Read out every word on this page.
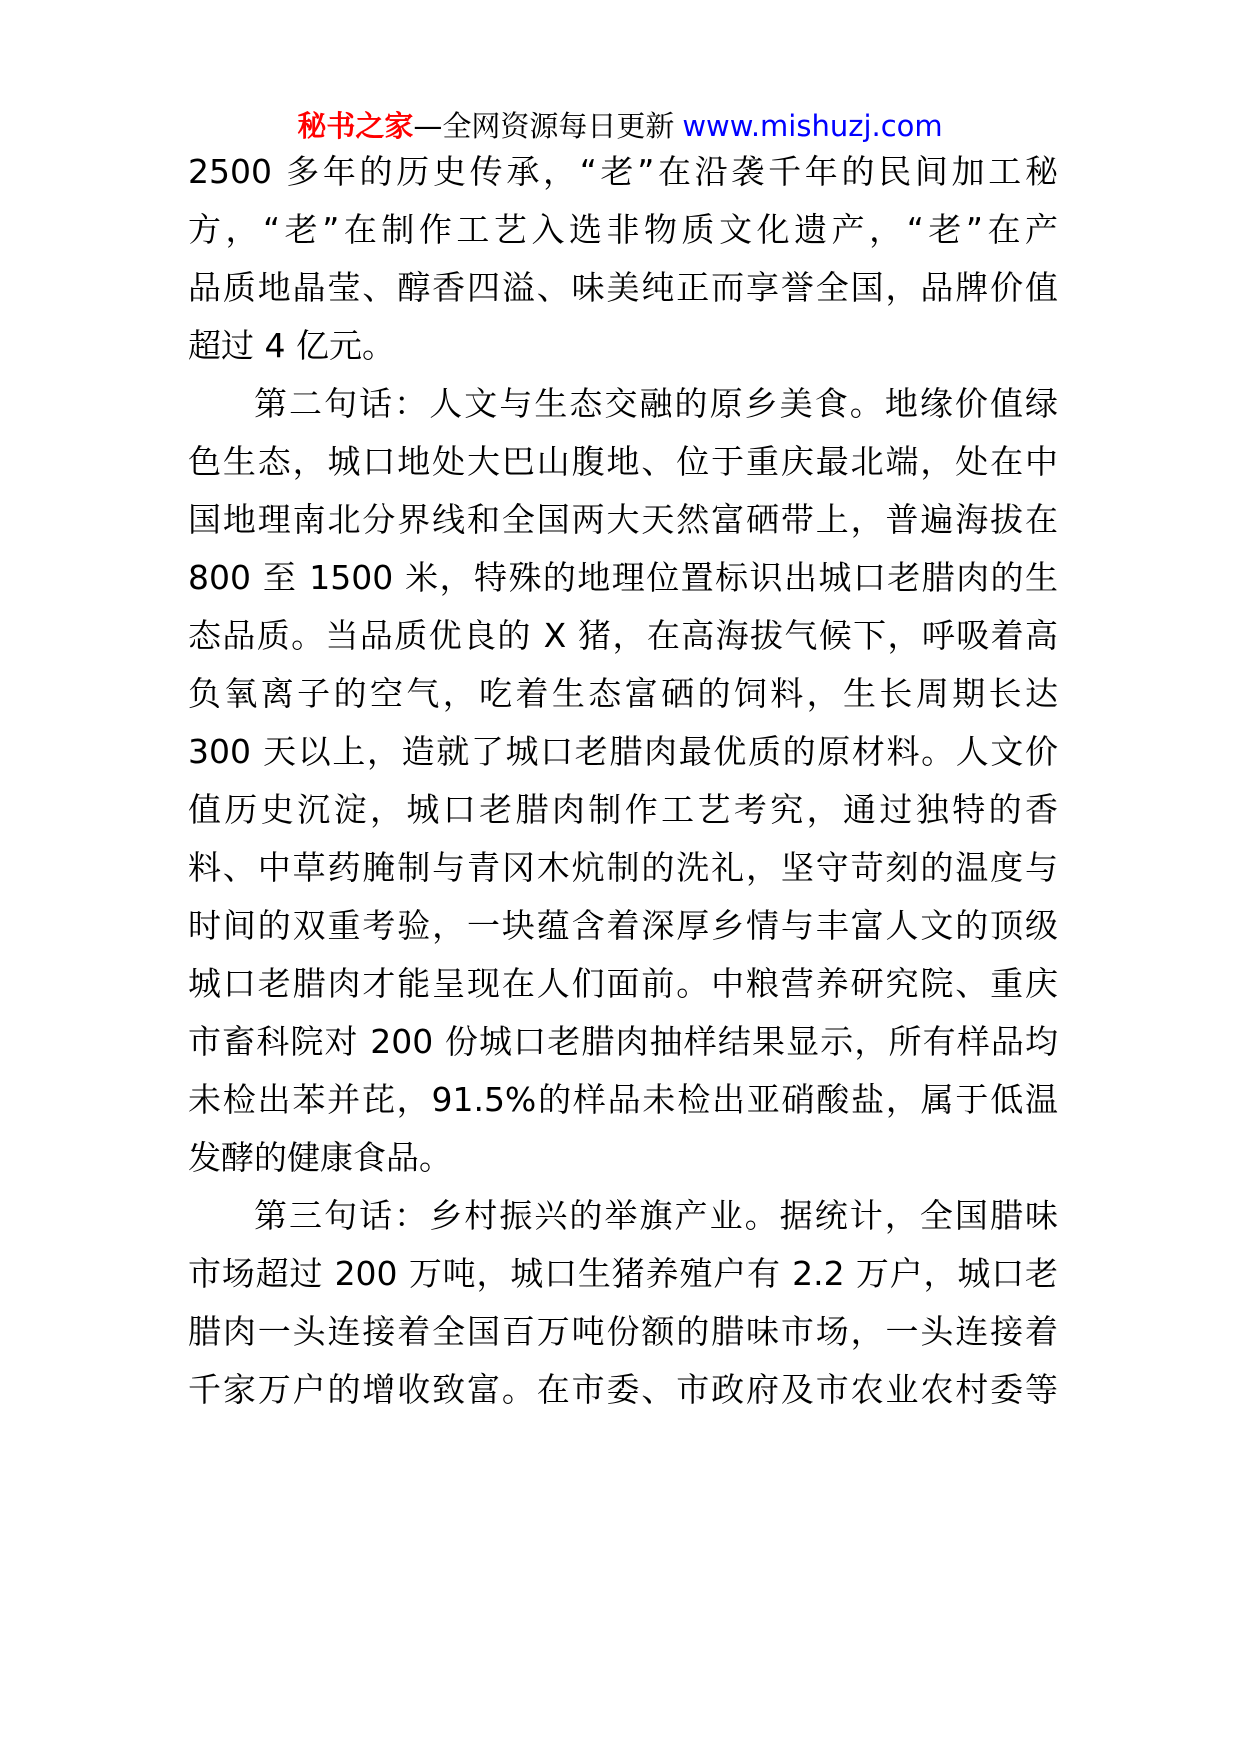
秘书之家—全网资源每日更新 www.mishuzj.com
2500 多年的历史传承，“老”在沿袭千年的民间加工秘
方，“老”在制作工艺入选非物质文化遗产，“老”在产
品质地晶莹、醇香四溢、味美纯正而享誉全国，品牌价值
超过 4 亿元。
第二句话：人文与生态交融的原乡美食。地缘价值绿
色生态，城口地处大巴山腹地、位于重庆最北端，处在中
国地理南北分界线和全国两大天然富硒带上，普遍海拔在
800 至 1500 米，特殊的地理位置标识出城口老腊肉的生
态品质。当品质优良的 X 猪，在高海拔气候下，呼吸着高
负氧离子的空气，吃着生态富硒的饲料，生长周期长达
300 天以上，造就了城口老腊肉最优质的原材料。人文价
值历史沉淀，城口老腊肉制作工艺考究，通过独特的香
料、中草药腌制与青冈木炕制的洗礼，坚守苛刻的温度与
时间的双重考验，一块蕴含着深厚乡情与丰富人文的顶级
城口老腊肉才能呈现在人们面前。中粮营养研究院、重庆
市畜科院对 200 份城口老腊肉抽样结果显示，所有样品均
未检出苯并芘，91.5%的样品未检出亚硝酸盐，属于低温
发酵的健康食品。
第三句话：乡村振兴的举旗产业。据统计，全国腊味
市场超过 200 万吨，城口生猪养殖户有 2.2 万户，城口老
腊肉一头连接着全国百万吨份额的腊味市场，一头连接着
千家万户的增收致富。在市委、市政府及市农业农村委等
